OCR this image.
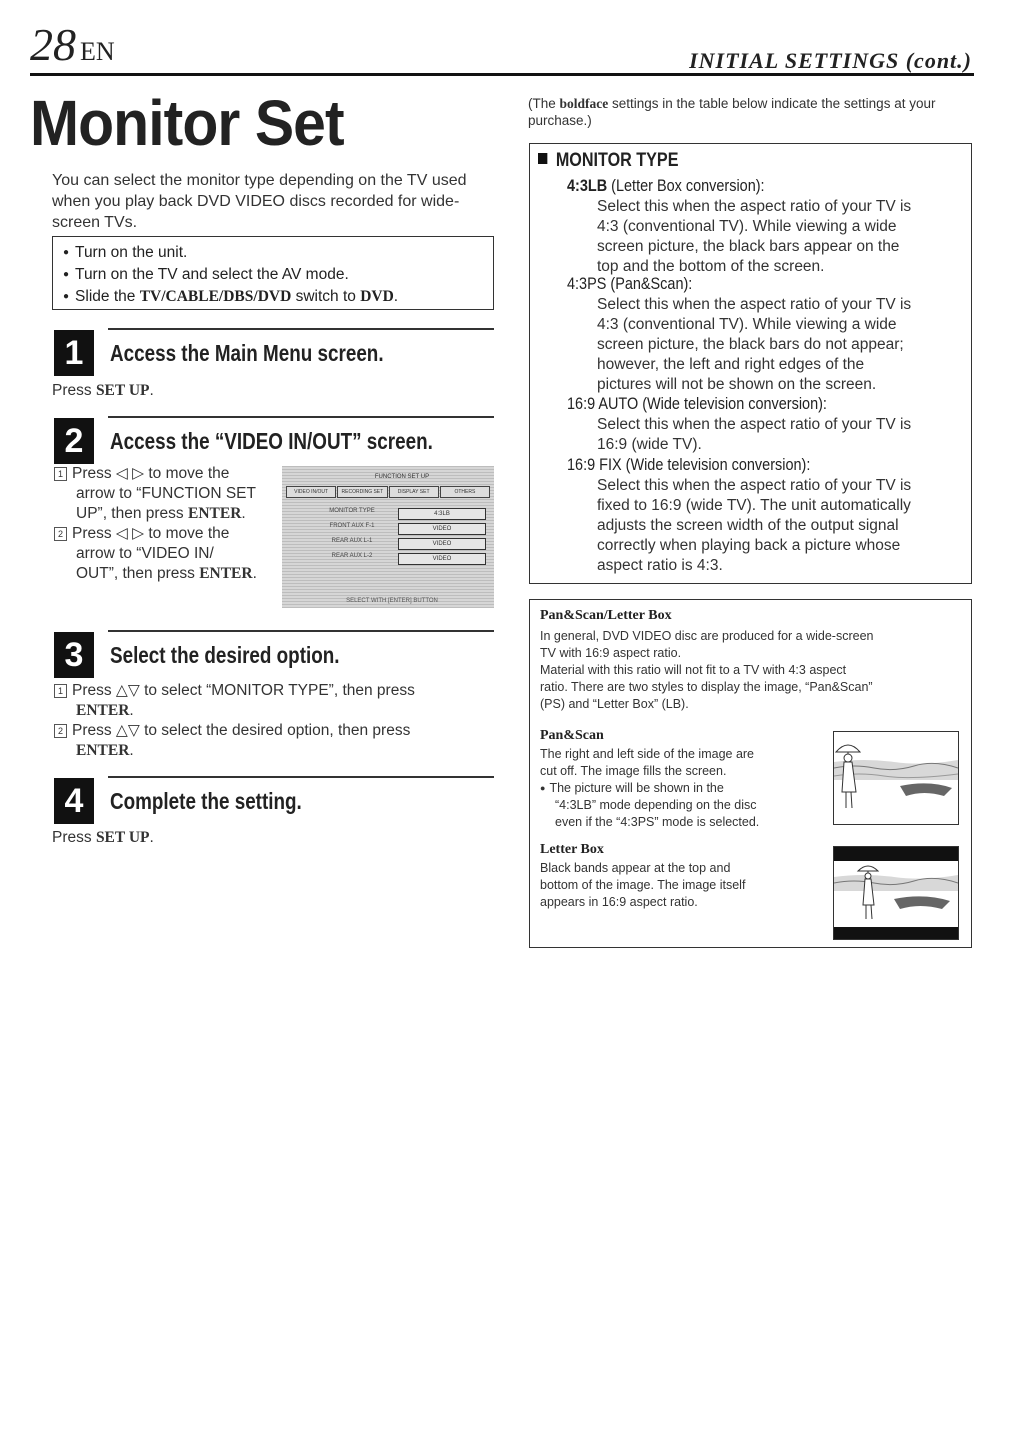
28 EN	INITIAL SETTINGS (cont.)
Monitor Set
You can select the monitor type depending on the TV used when you play back DVD VIDEO discs recorded for wide-screen TVs.
● Turn on the unit.
● Turn on the TV and select the AV mode.
● Slide the TV/CABLE/DBS/DVD switch to DVD.
1	Access the Main Menu screen.
Press SET UP.
2	Access the “VIDEO IN/OUT” screen.
1 Press ◁ ▷ to move the
arrow to “FUNCTION SET
UP”, then press ENTER.
2 Press ◁ ▷ to move the
arrow to “VIDEO IN/
OUT”, then press ENTER.
FUNCTION SET UP
VIDEO IN/OUT	RECORDING SET	DISPLAY SET	OTHERS
MONITOR TYPE	4:3LB
FRONT AUX F-1	VIDEO
REAR AUX L-1	VIDEO
REAR AUX L-2	VIDEO
SELECT WITH [ENTER] BUTTON
3	Select the desired option.
1 Press △▽ to select “MONITOR TYPE”, then press
ENTER.
2 Press △▽ to select the desired option, then press
ENTER.
4	Complete the setting.
Press SET UP.
(The boldface settings in the table below indicate the settings at your purchase.)
MONITOR TYPE
4:3LB (Letter Box conversion):
Select this when the aspect ratio of your TV is
4:3 (conventional TV). While viewing a wide
screen picture, the black bars appear on the
top and the bottom of the screen.
4:3PS (Pan&Scan):
Select this when the aspect ratio of your TV is
4:3 (conventional TV). While viewing a wide
screen picture, the black bars do not appear;
however, the left and right edges of the
pictures will not be shown on the screen.
16:9 AUTO (Wide television conversion):
Select this when the aspect ratio of your TV is
16:9 (wide TV).
16:9 FIX (Wide television conversion):
Select this when the aspect ratio of your TV is
fixed to 16:9 (wide TV). The unit automatically
adjusts the screen width of the output signal
correctly when playing back a picture whose
aspect ratio is 4:3.
Pan&Scan/Letter Box
In general, DVD VIDEO disc are produced for a wide-screen
TV with 16:9 aspect ratio.
Material with this ratio will not fit to a TV with 4:3 aspect
ratio. There are two styles to display the image, “Pan&Scan”
(PS) and “Letter Box” (LB).
Pan&Scan
The right and left side of the image are
cut off. The image fills the screen.
● The picture will be shown in the
“4:3LB” mode depending on the disc
even if the “4:3PS” mode is selected.
Letter Box
Black bands appear at the top and
bottom of the image. The image itself
appears in 16:9 aspect ratio.
